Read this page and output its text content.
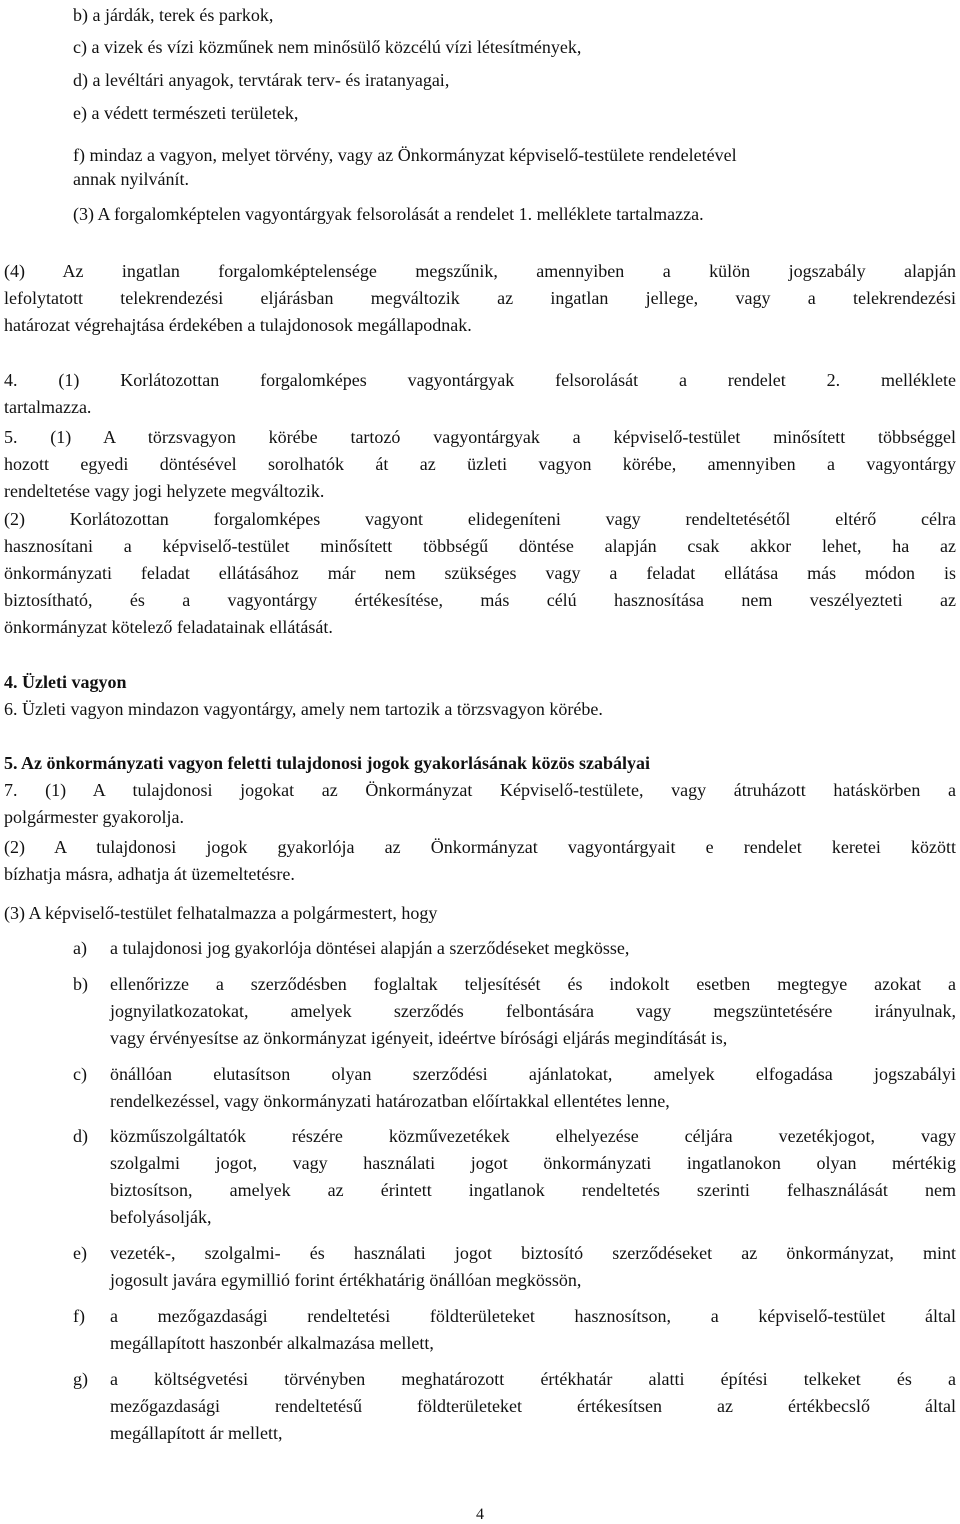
b) a járdák, terek és parkok,
c) a vizek és vízi közműnek nem minősülő közcélú vízi létesítmények,
d) a levéltári anyagok, tervtárak terv- és iratanyagai,
e) a védett természeti területek,
f) mindaz a vagyon, melyet törvény, vagy az Önkormányzat képviselő-testülete rendeletével
annak nyilvánít.
(3) A forgalomképtelen vagyontárgyak felsorolását a rendelet 1. melléklete tartalmazza.
(4) Az ingatlan forgalomképtelensége megszűnik, amennyiben a külön jogszabály alapján
lefolytatott telekrendezési eljárásban megváltozik az ingatlan jellege, vagy a telekrendezési
határozat végrehajtása érdekében a tulajdonosok megállapodnak.
4. (1) Korlátozottan forgalomképes vagyontárgyak felsorolását a rendelet 2. melléklete
tartalmazza.
5. (1) A törzsvagyon körébe tartozó vagyontárgyak a képviselő-testület minősített többséggel
hozott egyedi döntésével sorolhatók át az üzleti vagyon körébe, amennyiben a vagyontárgy
rendeltetése vagy jogi helyzete megváltozik.
(2) Korlátozottan forgalomképes vagyont elidegeníteni vagy rendeltetésétől eltérő célra
hasznosítani a képviselő-testület minősített többségű döntése alapján csak akkor lehet, ha az
önkormányzati feladat ellátásához már nem szükséges vagy a feladat ellátása más módon is
biztosítható, és a vagyontárgy értékesítése, más célú hasznosítása nem veszélyezteti az
önkormányzat kötelező feladatainak ellátását.
4. Üzleti vagyon
6. Üzleti vagyon mindazon vagyontárgy, amely nem tartozik a törzsvagyon körébe.
5. Az önkormányzati vagyon feletti tulajdonosi jogok gyakorlásának közös szabályai
7. (1) A tulajdonosi jogokat az Önkormányzat Képviselő-testülete, vagy átruházott hatáskörben a
polgármester gyakorolja.
(2) A tulajdonosi jogok gyakorlója az Önkormányzat vagyontárgyait e rendelet keretei között
bízhatja másra, adhatja át üzemeltetésre.
(3) A képviselő-testület felhatalmazza a polgármestert, hogy
a) a tulajdonosi jog gyakorlója döntései alapján a szerződéseket megkösse,
b) ellenőrizze a szerződésben foglaltak teljesítését és indokolt esetben megtegye azokat a
jognyilatkozatokat, amelyek szerződés felbontására vagy megszüntetésére irányulnak,
vagy érvényesítse az önkormányzat igényeit, ideértve bírósági eljárás megindítását is,
c) önállóan elutasítson olyan szerződési ajánlatokat, amelyek elfogadása jogszabályi
rendelkezéssel, vagy önkormányzati határozatban előírtakkal ellentétes lenne,
d) közműszolgáltatók részére közművezetékek elhelyezése céljára vezetékjogot, vagy
szolgalmi jogot, vagy használati jogot önkormányzati ingatlanokon olyan mértékig
biztosítson, amelyek az érintett ingatlanok rendeltetés szerinti felhasználását nem
befolyásolják,
e) vezeték-, szolgalmi- és használati jogot biztosító szerződéseket az önkormányzat, mint
jogosult javára egymillió forint értékhatárig önállóan megkössön,
f) a mezőgazdasági rendeltetési földterületeket hasznosítson, a képviselő-testület által
megállapított haszonbér alkalmazása mellett,
g) a költségvetési törvényben meghatározott értékhatár alatti építési telkeket és a
mezőgazdasági rendeltetésű földterületeket értékesítsen az értékbecslő által
megállapított ár mellett,
4
